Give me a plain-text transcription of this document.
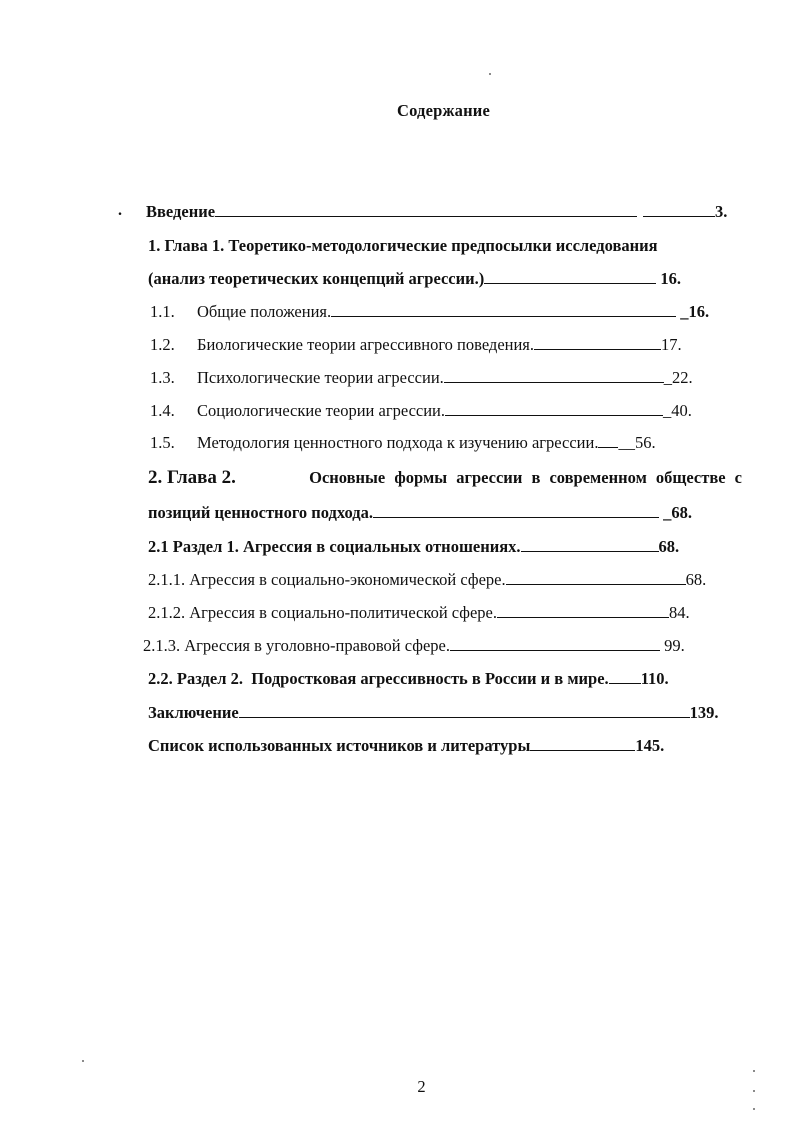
Содержание
. Введение	3.
1. Глава 1. Теоретико-методологические предпосылки исследования
(анализ теоретических концепций агрессии.)	16.
1.1. Общие положения.	_16.
1.2. Биологические теории агрессивного поведения.	17.
1.3. Психологические теории агрессии.	_22.
1.4. Социологические теории агрессии.	_40.
1.5. Методология ценностного подхода к изучению агрессии. __56.
2. Глава 2.	Основные формы агрессии в современном обществе с
позиций ценностного подхода.	_68.
2.1 Раздел 1. Агрессия в социальных отношениях.	68.
2.1.1. Агрессия в социально-экономической сфере.	68.
2.1.2. Агрессия в социально-политической сфере.	84.
2.1.3. Агрессия в уголовно-правовой сфере.	99.
2.2. Раздел 2.  Подростковая агрессивность в России и в мире. 110.
Заключение	139.
Список использованных источников и литературы	145.
2
